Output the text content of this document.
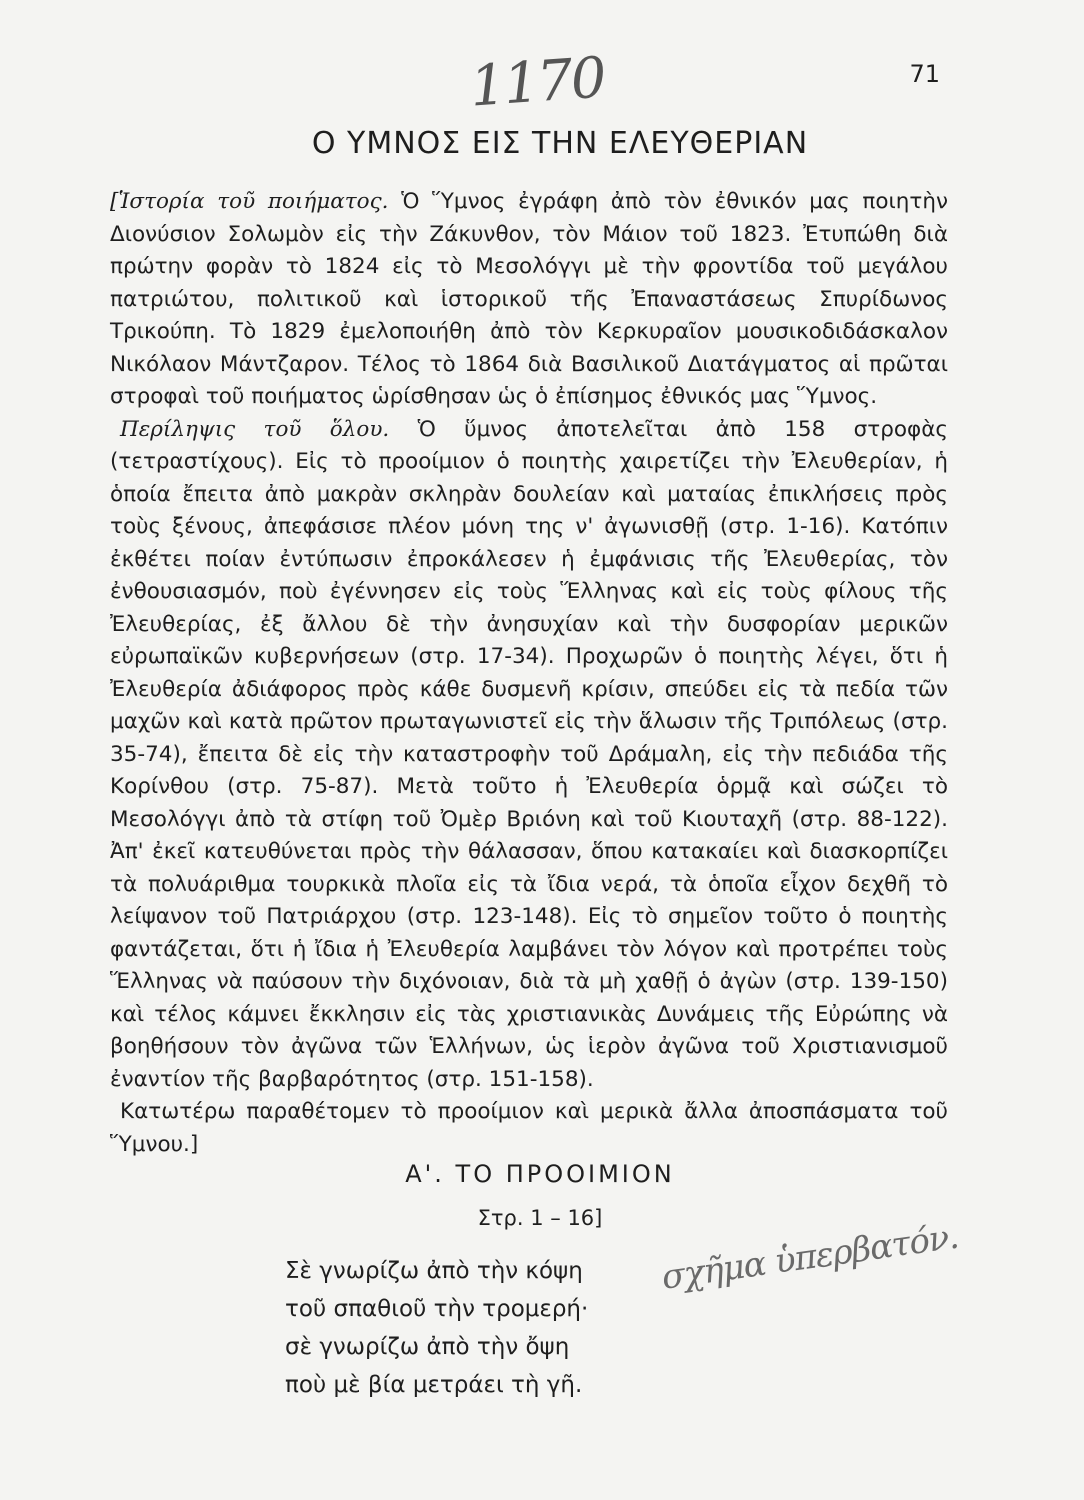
1170	71
Ο ΥΜΝΟΣ ΕΙΣ ΤΗΝ ΕΛΕΥΘΕΡΙΑΝ

[Ἱστορία τοῦ ποιήματος. Ὁ Ὕμνος ἐγράφη ἀπὸ τὸν ἐθνικόν μας ποιητὴν Διονύσιον Σολωμὸν εἰς τὴν Ζάκυνθον, τὸν Μάιον τοῦ 1823. Ἐτυπώθη διὰ πρώτην φορὰν τὸ 1824 εἰς τὸ Μεσολόγγι μὲ τὴν φροντίδα τοῦ μεγάλου πατριώτου, πολιτικοῦ καὶ ἱστορικοῦ τῆς Ἐπαναστάσεως Σπυρίδωνος Τρικούπη. Τὸ 1829 ἐμελοποιήθη ἀπὸ τὸν Κερκυραῖον μουσικοδιδάσκαλον Νικόλαον Μάντζαρον. Τέλος τὸ 1864 διὰ Βασιλικοῦ Διατάγματος αἱ πρῶται στροφαὶ τοῦ ποιήματος ὡρίσθησαν ὡς ὁ ἐπίσημος ἐθνικός μας Ὕμνος.

Περίληψις τοῦ ὅλου. Ὁ ὕμνος ἀποτελεῖται ἀπὸ 158 στροφὰς (τετραστίχους). Εἰς τὸ προοίμιον ὁ ποιητὴς χαιρετίζει τὴν Ἐλευθερίαν, ἡ ὁποία ἔπειτα ἀπὸ μακρὰν σκληρὰν δουλείαν καὶ ματαίας ἐπικλήσεις πρὸς τοὺς ξένους, ἀπεφάσισε πλέον μόνη της ν' ἀγωνισθῇ (στρ. 1-16). Κατόπιν ἐκθέτει ποίαν ἐντύπωσιν ἐπροκάλεσεν ἡ ἐμφάνισις τῆς Ἐλευθερίας, τὸν ἐνθουσιασμόν, ποὺ ἐγέννησεν εἰς τοὺς Ἕλληνας καὶ εἰς τοὺς φίλους τῆς Ἐλευθερίας, ἐξ ἄλλου δὲ τὴν ἀνησυχίαν καὶ τὴν δυσφορίαν μερικῶν εὐρωπαϊκῶν κυβερνήσεων (στρ. 17-34). Προχωρῶν ὁ ποιητὴς λέγει, ὅτι ἡ Ἐλευθερία ἀδιάφορος πρὸς κάθε δυσμενῆ κρίσιν, σπεύδει εἰς τὰ πεδία τῶν μαχῶν καὶ κατὰ πρῶτον πρωταγωνιστεῖ εἰς τὴν ἅλωσιν τῆς Τριπόλεως (στρ. 35-74), ἔπειτα δὲ εἰς τὴν καταστροφὴν τοῦ Δράμαλη, εἰς τὴν πεδιάδα τῆς Κορίνθου (στρ. 75-87). Μετὰ τοῦτο ἡ Ἐλευθερία ὁρμᾷ καὶ σώζει τὸ Μεσολόγγι ἀπὸ τὰ στίφη τοῦ Ὀμὲρ Βριόνη καὶ τοῦ Κιουταχῆ (στρ. 88-122). Ἀπ' ἐκεῖ κατευθύνεται πρὸς τὴν θάλασσαν, ὅπου κατακαίει καὶ διασκορπίζει τὰ πολυάριθμα τουρκικὰ πλοῖα εἰς τὰ ἴδια νερά, τὰ ὁποῖα εἶχον δεχθῆ τὸ λείψανον τοῦ Πατριάρχου (στρ. 123-148). Εἰς τὸ σημεῖον τοῦτο ὁ ποιητὴς φαντάζεται, ὅτι ἡ ἴδια ἡ Ἐλευθερία λαμβάνει τὸν λόγον καὶ προτρέπει τοὺς Ἕλληνας νὰ παύσουν τὴν διχόνοιαν, διὰ τὰ μὴ χαθῇ ὁ ἀγὼν (στρ. 139-150) καὶ τέλος κάμνει ἔκκλησιν εἰς τὰς χριστιανικὰς Δυνάμεις τῆς Εὐρώπης νὰ βοηθήσουν τὸν ἀγῶνα τῶν Ἑλλήνων, ὡς ἱερὸν ἀγῶνα τοῦ Χριστιανισμοῦ ἐναντίον τῆς βαρβαρότητος (στρ. 151-158).

Κατωτέρω παραθέτομεν τὸ προοίμιον καὶ μερικὰ ἄλλα ἀποσπάσματα τοῦ Ὕμνου.]

Α'. ΤΟ ΠΡΟΟΙΜΙΟΝ
Στρ. 1 – 16]
Σὲ γνωρίζω ἀπὸ τὴν κόψη
τοῦ σπαθιοῦ τὴν τρομερή·
σὲ γνωρίζω ἀπὸ τὴν ὄψη
ποὺ μὲ βία μετράει τὴ γῆ.
σχῆμα ὑπερβατόν.
